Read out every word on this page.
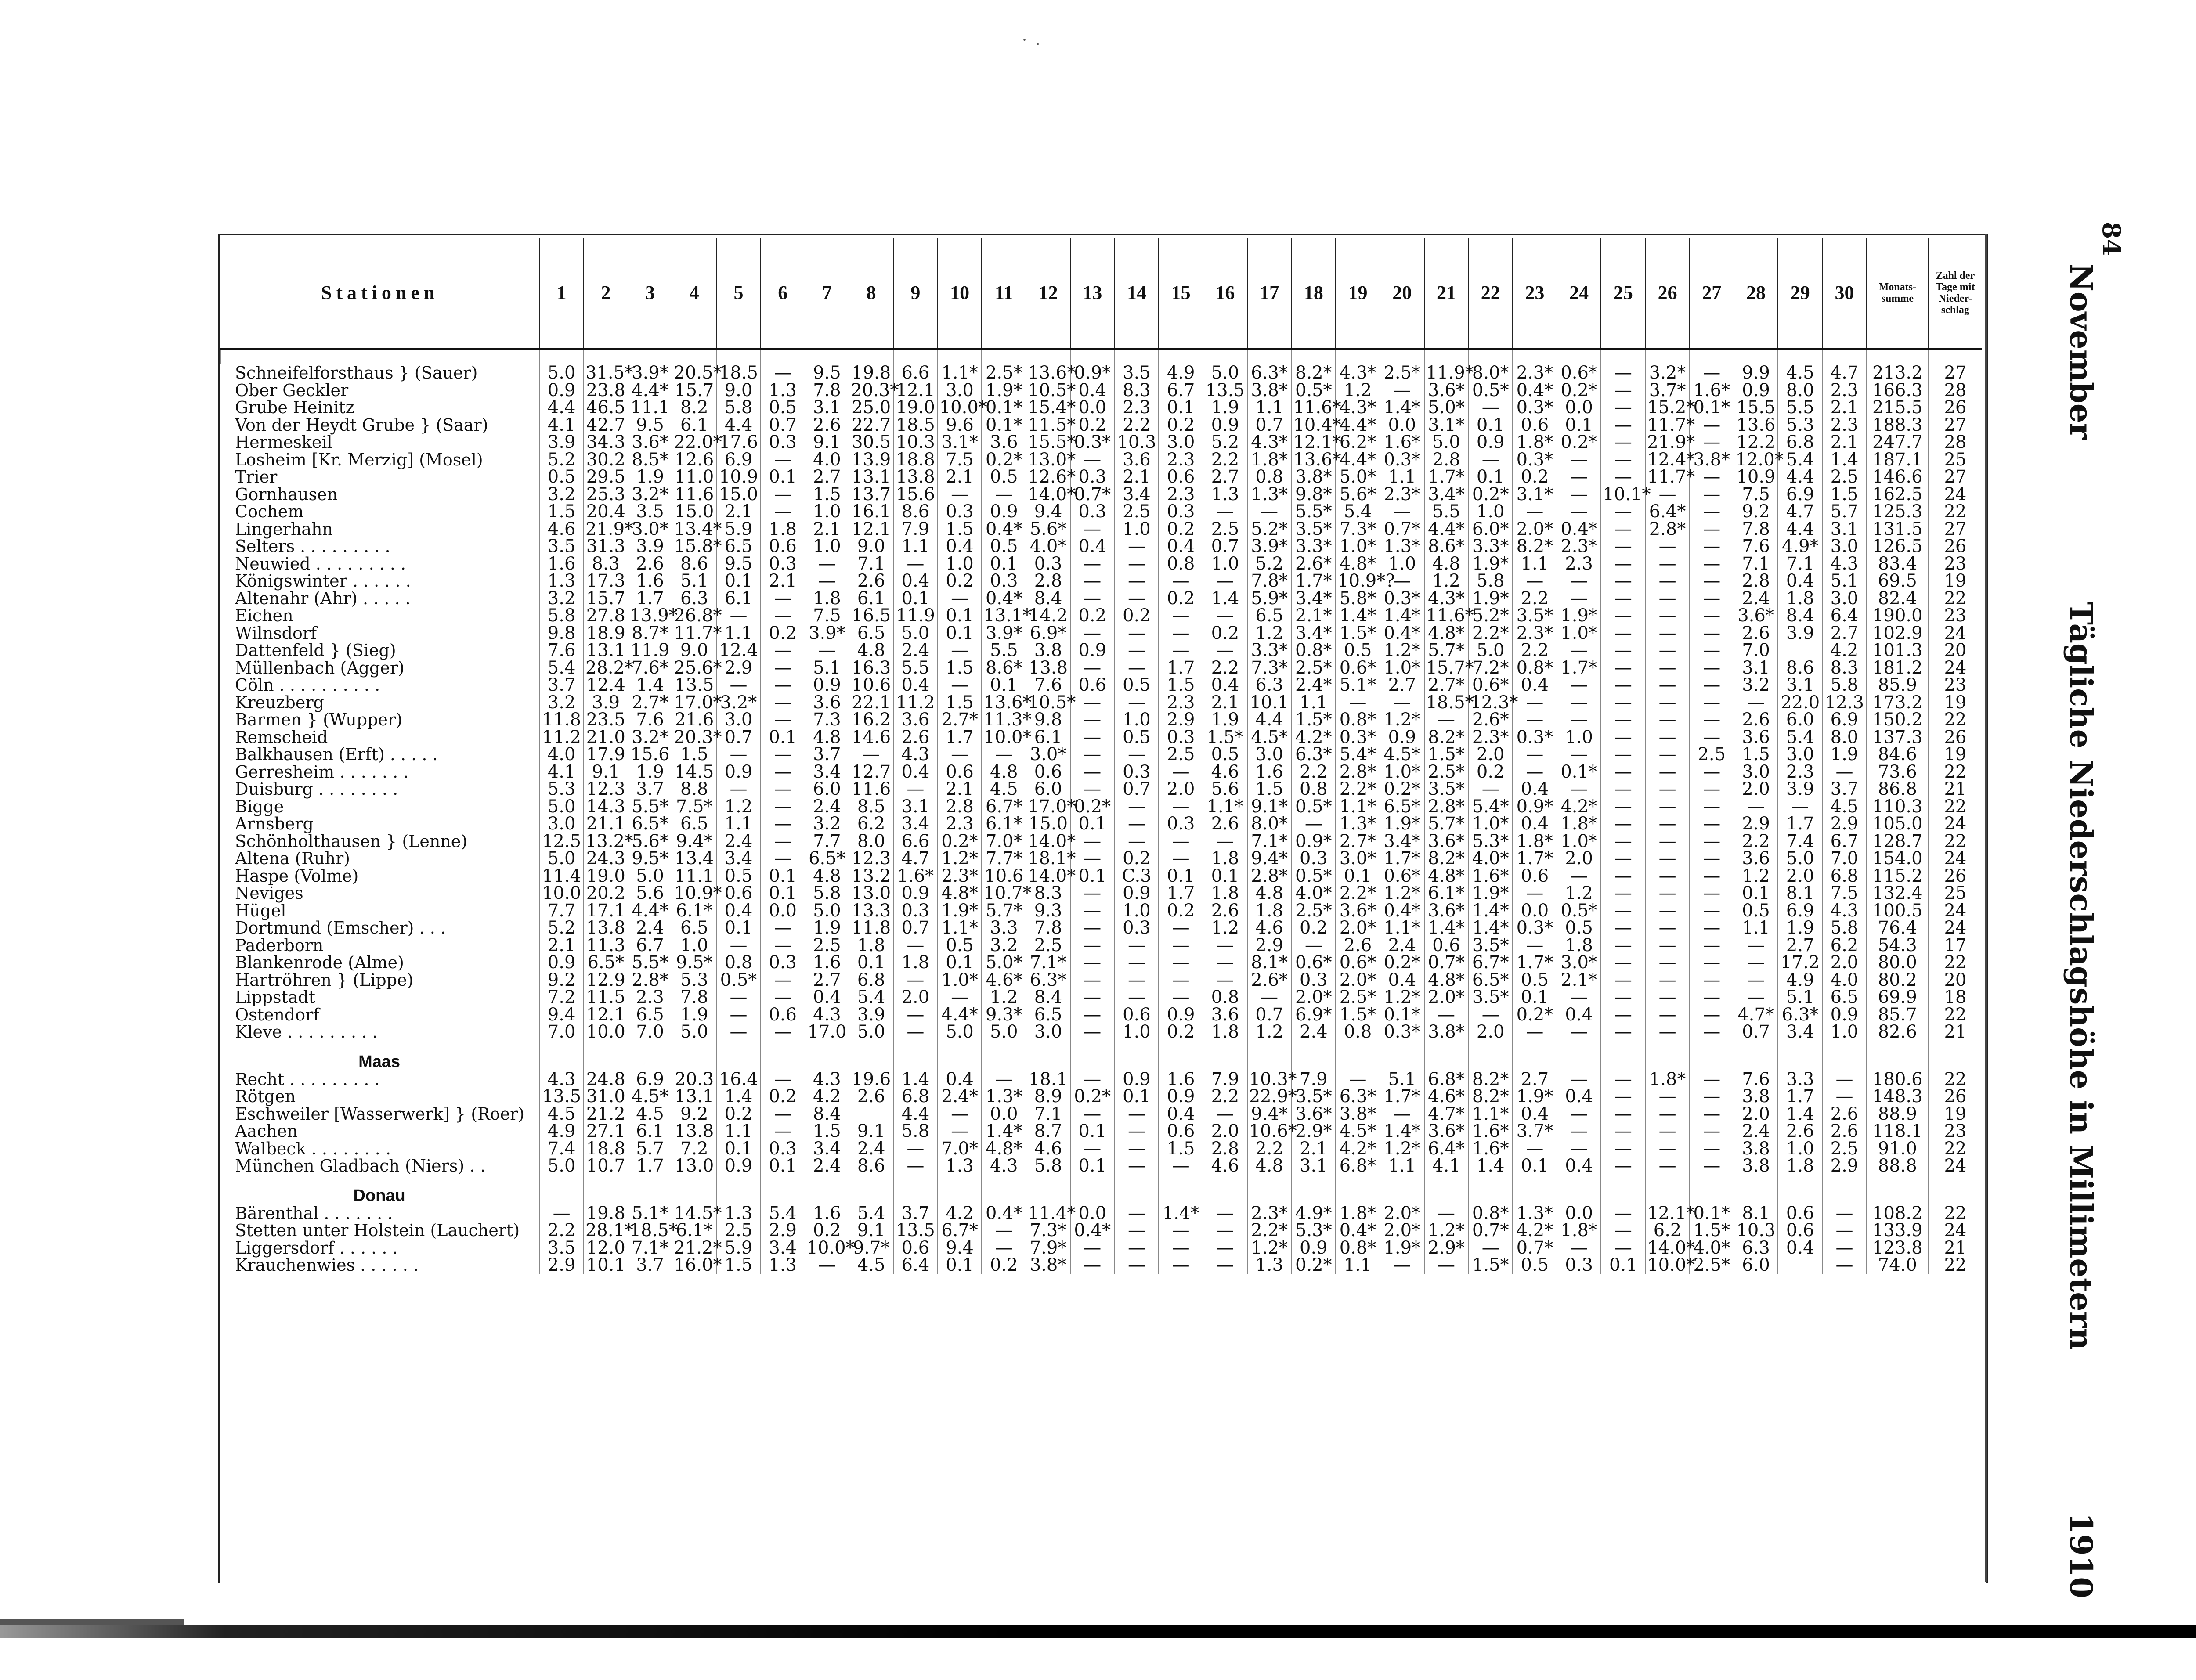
Stationen	1	2	3	4	5	6	7	8	9	10	11	12	13	14	15	16	17	18	19	20	21	22	23	24	25	26	27	28	29	30	Monats-summe	Zahl der Tage mit Nieder-schlag

Schneifelforsthaus } (Sauer)	5.0	31.5*	3.9*	20.5*	18.5	—	9.5	19.8	6.6	1.1*	2.5*	13.6*	0.9*	3.5	4.9	5.0	6.3*	8.2*	4.3*	2.5*	11.9*	8.0*	2.3*	0.6*	—	3.2*	—	9.9	4.5	4.7	213.2	27
Ober Geckler	0.9	23.8	4.4*	15.7	9.0	1.3	7.8	20.3*	12.1	3.0	1.9*	10.5*	0.4	8.3	6.7	13.5	3.8*	0.5*	1.2	—	3.6*	0.5*	0.4*	0.2*	—	3.7*	1.6*	0.9	8.0	2.3	166.3	28
Grube Heinitz	4.4	46.5	11.1	8.2	5.8	0.5	3.1	25.0	19.0	10.0*	0.1*	15.4*	0.0	2.3	0.1	1.9	1.1	11.6*	4.3*	1.4*	5.0*	—	0.3*	0.0	—	15.2*	0.1*	15.5	5.5	2.1	215.5	26
Von der Heydt Grube } (Saar)	4.1	42.7	9.5	6.1	4.4	0.7	2.6	22.7	18.5	9.6	0.1*	11.5*	0.2	2.2	0.2	0.9	0.7	10.4*	4.4*	0.0	3.1*	0.1	0.6	0.1	—	11.7*	—	13.6	5.3	2.3	188.3	27
Hermeskeil	3.9	34.3	3.6*	22.0*	17.6	0.3	9.1	30.5	10.3	3.1*	3.6	15.5*	0.3*	10.3	3.0	5.2	4.3*	12.1*	6.2*	1.6*	5.0	0.9	1.8*	0.2*	—	21.9*	—	12.2	6.8	2.1	247.7	28
Losheim [Kr. Merzig] (Mosel)	5.2	30.2	8.5*	12.6	6.9	—	4.0	13.9	18.8	7.5	0.2*	13.0*	—	3.6	2.3	2.2	1.8*	13.6*	4.4*	0.3*	2.8	—	0.3*	—	—	12.4*	3.8*	12.0*	5.4	1.4	187.1	25
Trier	0.5	29.5	1.9	11.0	10.9	0.1	2.7	13.1	13.8	2.1	0.5	12.6*	0.3	2.1	0.6	2.7	0.8	3.8*	5.0*	1.1	1.7*	0.1	0.2	—	—	11.7*	—	10.9	4.4	2.5	146.6	27
Gornhausen	3.2	25.3	3.2*	11.6	15.0	—	1.5	13.7	15.6	—	—	14.0*	0.7*	3.4	2.3	1.3	1.3*	9.8*	5.6*	2.3*	3.4*	0.2*	3.1*	—	10.1*	—	—	7.5	6.9	1.5	162.5	24
Cochem	1.5	20.4	3.5	15.0	2.1	—	1.0	16.1	8.6	0.3	0.9	9.4	0.3	2.5	0.3	—	—	5.5*	5.4	—	5.5	1.0	—	—	—	6.4*	—	9.2	4.7	5.7	125.3	22
Lingerhahn	4.6	21.9*	3.0*	13.4*	5.9	1.8	2.1	12.1	7.9	1.5	0.4*	5.6*	—	1.0	0.2	2.5	5.2*	3.5*	7.3*	0.7*	4.4*	6.0*	2.0*	0.4*	—	2.8*	—	7.8	4.4	3.1	131.5	27
Selters . . . . . . . . .	3.5	31.3	3.9	15.8*	6.5	0.6	1.0	9.0	1.1	0.4	0.5	4.0*	0.4	—	0.4	0.7	3.9*	3.3*	1.0*	1.3*	8.6*	3.3*	8.2*	2.3*	—	—	—	7.6	4.9*	3.0	126.5	26
Neuwied . . . . . . . . .	1.6	8.3	2.6	8.6	9.5	0.3	—	7.1	—	1.0	0.1	0.3	—	—	0.8	1.0	5.2	2.6*	4.8*	1.0	4.8	1.9*	1.1	2.3	—	—	—	7.1	7.1	4.3	83.4	23
Königswinter . . . . . .	1.3	17.3	1.6	5.1	0.1	2.1	—	2.6	0.4	0.2	0.3	2.8	—	—	—	—	7.8*	1.7*	10.9*?	—	1.2	5.8	—	—	—	—	—	2.8	0.4	5.1	69.5	19
Altenahr (Ahr) . . . . .	3.2	15.7	1.7	6.3	6.1	—	1.8	6.1	0.1	—	0.4*	8.4	—	—	0.2	1.4	5.9*	3.4*	5.8*	0.3*	4.3*	1.9*	2.2	—	—	—	—	2.4	1.8	3.0	82.4	22
Eichen	5.8	27.8	13.9*	26.8*	—	—	7.5	16.5	11.9	0.1	13.1*	14.2	0.2	0.2	—	—	6.5	2.1*	1.4*	1.4*	11.6*	5.2*	3.5*	1.9*	—	—	—	3.6*	8.4	6.4	190.0	23
Wilnsdorf	9.8	18.9	8.7*	11.7*	1.1	0.2	3.9*	6.5	5.0	0.1	3.9*	6.9*	—	—	—	0.2	1.2	3.4*	1.5*	0.4*	4.8*	2.2*	2.3*	1.0*	—	—	—	2.6	3.9	2.7	102.9	24
Dattenfeld } (Sieg)	7.6	13.1	11.9	9.0	12.4	—	—	4.8	2.4	—	5.5	3.8	0.9	—	—	—	3.3*	0.8*	0.5	1.2*	5.7*	5.0	2.2	—	—	—	—	7.0		4.2	101.3	20
Müllenbach (Agger)	5.4	28.2*	7.6*	25.6*	2.9	—	5.1	16.3	5.5	1.5	8.6*	13.8	—	—	1.7	2.2	7.3*	2.5*	0.6*	1.0*	15.7*	7.2*	0.8*	1.7*	—	—	—	3.1	8.6	8.3	181.2	24
Cöln . . . . . . . . . .	3.7	12.4	1.4	13.5	—	—	0.9	10.6	0.4	—	0.1	7.6	0.6	0.5	1.5	0.4	6.3	2.4*	5.1*	2.7	2.7*	0.6*	0.4	—	—	—	—	3.2	3.1	5.8	85.9	23
Kreuzberg	3.2	3.9	2.7*	17.0*	3.2*	—	3.6	22.1	11.2	1.5	13.6*	10.5*	—	—	2.3	2.1	10.1	1.1	—	—	18.5*	12.3*	—	—	—	—	—	—	22.0	12.3	173.2	19
Barmen } (Wupper)	11.8	23.5	7.6	21.6	3.0	—	7.3	16.2	3.6	2.7*	11.3*	9.8	—	1.0	2.9	1.9	4.4	1.5*	0.8*	1.2*	—	2.6*	—	—	—	—	—	2.6	6.0	6.9	150.2	22
Remscheid	11.2	21.0	3.2*	20.3*	0.7	0.1	4.8	14.6	2.6	1.7	10.0*	6.1	—	0.5	0.3	1.5*	4.5*	4.2*	0.3*	0.9	8.2*	2.3*	0.3*	1.0	—	—	—	3.6	5.4	8.0	137.3	26
Balkhausen (Erft) . . . . .	4.0	17.9	15.6	1.5	—	—	3.7	—	4.3	—	—	3.0*	—	—	2.5	0.5	3.0	6.3*	5.4*	4.5*	1.5*	2.0	—	—	—	—	2.5	1.5	3.0	1.9	84.6	19
Gerresheim . . . . . . .	4.1	9.1	1.9	14.5	0.9	—	3.4	12.7	0.4	0.6	4.8	0.6	—	0.3	—	4.6	1.6	2.2	2.8*	1.0*	2.5*	0.2	—	0.1*	—	—	—	3.0	2.3	—	73.6	22
Duisburg . . . . . . . .	5.3	12.3	3.7	8.8	—	—	6.0	11.6	—	2.1	4.5	6.0	—	0.7	2.0	5.6	1.5	0.8	2.2*	0.2*	3.5*	—	0.4	—	—	—	—	2.0	3.9	3.7	86.8	21
Bigge	5.0	14.3	5.5*	7.5*	1.2	—	2.4	8.5	3.1	2.8	6.7*	17.0*	0.2*	—	—	1.1*	9.1*	0.5*	1.1*	6.5*	2.8*	5.4*	0.9*	4.2*	—	—	—	—	—	4.5	110.3	22
Arnsberg	3.0	21.1	6.5*	6.5	1.1	—	3.2	6.2	3.4	2.3	6.1*	15.0	0.1	—	0.3	2.6	8.0*	—	1.3*	1.9*	5.7*	1.0*	0.4	1.8*	—	—	—	2.9	1.7	2.9	105.0	24
Schönholthausen } (Lenne)	12.5	13.2*	5.6*	9.4*	2.4	—	7.7	8.0	6.6	0.2*	7.0*	14.0*	—	—	—	—	7.1*	0.9*	2.7*	3.4*	3.6*	5.3*	1.8*	1.0*	—	—	—	2.2	7.4	6.7	128.7	22
Altena (Ruhr)	5.0	24.3	9.5*	13.4	3.4	—	6.5*	12.3	4.7	1.2*	7.7*	18.1*	—	0.2	—	1.8	9.4*	0.3	3.0*	1.7*	8.2*	4.0*	1.7*	2.0	—	—	—	3.6	5.0	7.0	154.0	24
Haspe (Volme)	11.4	19.0	5.0	11.1	0.5	0.1	4.8	13.2	1.6*	2.3*	10.6	14.0*	0.1	C.3	0.1	0.1	2.8*	0.5*	0.1	0.6*	4.8*	1.6*	0.6	—	—	—	—	1.2	2.0	6.8	115.2	26
Neviges	10.0	20.2	5.6	10.9*	0.6	0.1	5.8	13.0	0.9	4.8*	10.7*	8.3	—	0.9	1.7	1.8	4.8	4.0*	2.2*	1.2*	6.1*	1.9*	—	1.2	—	—	—	0.1	8.1	7.5	132.4	25
Hügel	7.7	17.1	4.4*	6.1*	0.4	0.0	5.0	13.3	0.3	1.9*	5.7*	9.3	—	1.0	0.2	2.6	1.8	2.5*	3.6*	0.4*	3.6*	1.4*	0.0	0.5*	—	—	—	0.5	6.9	4.3	100.5	24
Dortmund (Emscher) . . .	5.2	13.8	2.4	6.5	0.1	—	1.9	11.8	0.7	1.1*	3.3	7.8	—	0.3	—	1.2	4.6	0.2	2.0*	1.1*	1.4*	1.4*	0.3*	0.5	—	—	—	1.1	1.9	5.8	76.4	24
Paderborn	2.1	11.3	6.7	1.0	—	—	2.5	1.8	—	0.5	3.2	2.5	—	—	—	—	2.9	—	2.6	2.4	0.6	3.5*	—	1.8	—	—	—	—	2.7	6.2	54.3	17
Blankenrode (Alme)	0.9	6.5*	5.5*	9.5*	0.8	0.3	1.6	0.1	1.8	0.1	5.0*	7.1*	—	—	—	—	8.1*	0.6*	0.6*	0.2*	0.7*	6.7*	1.7*	3.0*	—	—	—	—	17.2	2.0	80.0	22
Hartröhren } (Lippe)	9.2	12.9	2.8*	5.3	0.5*	—	2.7	6.8	—	1.0*	4.6*	6.3*	—	—	—	—	2.6*	0.3	2.0*	0.4	4.8*	6.5*	0.5	2.1*	—	—	—	—	4.9	4.0	80.2	20
Lippstadt	7.2	11.5	2.3	7.8	—	—	0.4	5.4	2.0	—	1.2	8.4	—	—	—	0.8	—	2.0*	2.5*	1.2*	2.0*	3.5*	0.1	—	—	—	—	—	5.1	6.5	69.9	18
Ostendorf	9.4	12.1	6.5	1.9	—	0.6	4.3	3.9	—	4.4*	9.3*	6.5	—	0.6	0.9	3.6	0.7	6.9*	1.5*	0.1*	—	—	0.2*	0.4	—	—	—	4.7*	6.3*	0.9	85.7	22
Kleve . . . . . . . . .	7.0	10.0	7.0	5.0	—	—	17.0	5.0	—	5.0	5.0	3.0	—	1.0	0.2	1.8	1.2	2.4	0.8	0.3*	3.8*	2.0	—	—	—	—	—	0.7	3.4	1.0	82.6	21
Maas																																
Recht . . . . . . . . .	4.3	24.8	6.9	20.3	16.4	—	4.3	19.6	1.4	0.4	—	18.1	—	0.9	1.6	7.9	10.3*	7.9	—	5.1	6.8*	8.2*	2.7	—	—	1.8*	—	7.6	3.3	—	180.6	22
Rötgen	13.5	31.0	4.5*	13.1	1.4	0.2	4.2	2.6	6.8	2.4*	1.3*	8.9	0.2*	0.1	0.9	2.2	22.9*	3.5*	6.3*	1.7*	4.6*	8.2*	1.9*	0.4	—	—	—	3.8	1.7	—	148.3	26
Eschweiler [Wasserwerk] } (Roer)	4.5	21.2	4.5	9.2	0.2	—	8.4		4.4	—	0.0	7.1	—	—	0.4	—	9.4*	3.6*	3.8*	—	4.7*	1.1*	0.4	—	—	—	—	2.0	1.4	2.6	88.9	19
Aachen	4.9	27.1	6.1	13.8	1.1	—	1.5	9.1	5.8	—	1.4*	8.7	0.1	—	0.6	2.0	10.6*	2.9*	4.5*	1.4*	3.6*	1.6*	3.7*	—	—	—	—	2.4	2.6	2.6	118.1	23
Walbeck . . . . . . . .	7.4	18.8	5.7	7.2	0.1	0.3	3.4	2.4	—	7.0*	4.8*	4.6	—	—	1.5	2.8	2.2	2.1	4.2*	1.2*	6.4*	1.6*	—	—	—	—	—	3.8	1.0	2.5	91.0	22
München Gladbach (Niers) . .	5.0	10.7	1.7	13.0	0.9	0.1	2.4	8.6	—	1.3	4.3	5.8	0.1	—	—	4.6	4.8	3.1	6.8*	1.1	4.1	1.4	0.1	0.4	—	—	—	3.8	1.8	2.9	88.8	24
Donau																																
Bärenthal . . . . . . .	—	19.8	5.1*	14.5*	1.3	5.4	1.6	5.4	3.7	4.2	0.4*	11.4*	0.0	—	1.4*	—	2.3*	4.9*	1.8*	2.0*	—	0.8*	1.3*	0.0	—	12.1*	0.1*	8.1	0.6	—	108.2	22
Stetten unter Holstein (Lauchert)	2.2	28.1*	18.5*	6.1*	2.5	2.9	0.2	9.1	13.5	6.7*	—	7.3*	0.4*	—	—	—	2.2*	5.3*	0.4*	2.0*	1.2*	0.7*	4.2*	1.8*	—	6.2	1.5*	10.3	0.6	—	133.9	24
Liggersdorf . . . . . .	3.5	12.0	7.1*	21.2*	5.9	3.4	10.0*	9.7*	0.6	9.4	—	7.9*	—	—	—	—	1.2*	0.9	0.8*	1.9*	2.9*	—	0.7*	—	—	14.0*	4.0*	6.3	0.4	—	123.8	21
Krauchenwies . . . . . .	2.9	10.1	3.7	16.0*	1.5	1.3	—	4.5	6.4	0.1	0.2	3.8*	—	—	—	—	1.3	0.2*	1.1	—	—	1.5*	0.5	0.3	0.1	10.0*	2.5*	6.0		—	74.0	22
November
Tägliche Niederschlagshöhe in Millimetern
1910
84
